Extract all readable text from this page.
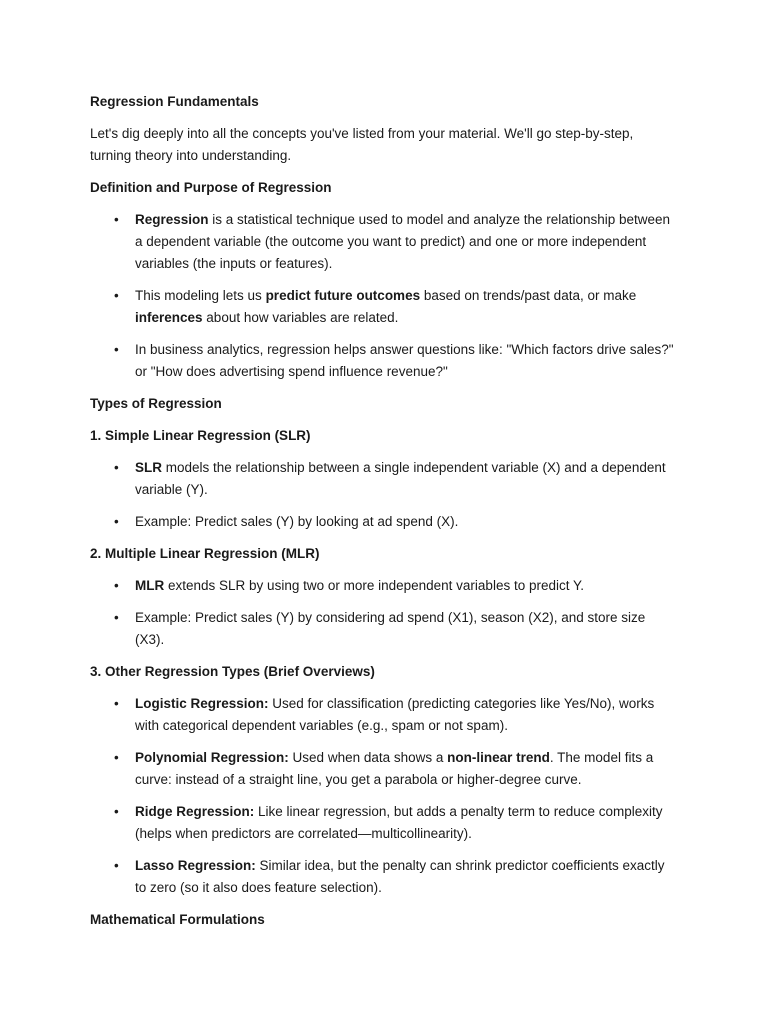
Regression Fundamentals

Let's dig deeply into all the concepts you've listed from your material. We'll go step-by-step, turning theory into understanding.

Definition and Purpose of Regression

• Regression is a statistical technique used to model and analyze the relationship between a dependent variable (the outcome you want to predict) and one or more independent variables (the inputs or features).
• This modeling lets us predict future outcomes based on trends/past data, or make inferences about how variables are related.
• In business analytics, regression helps answer questions like: "Which factors drive sales?" or "How does advertising spend influence revenue?"

Types of Regression

1. Simple Linear Regression (SLR)

• SLR models the relationship between a single independent variable (X) and a dependent variable (Y).
• Example: Predict sales (Y) by looking at ad spend (X).

2. Multiple Linear Regression (MLR)

• MLR extends SLR by using two or more independent variables to predict Y.
• Example: Predict sales (Y) by considering ad spend (X1), season (X2), and store size (X3).

3. Other Regression Types (Brief Overviews)

• Logistic Regression: Used for classification (predicting categories like Yes/No), works with categorical dependent variables (e.g., spam or not spam).
• Polynomial Regression: Used when data shows a non-linear trend. The model fits a curve: instead of a straight line, you get a parabola or higher-degree curve.
• Ridge Regression: Like linear regression, but adds a penalty term to reduce complexity (helps when predictors are correlated—multicollinearity).
• Lasso Regression: Similar idea, but the penalty can shrink predictor coefficients exactly to zero (so it also does feature selection).

Mathematical Formulations
